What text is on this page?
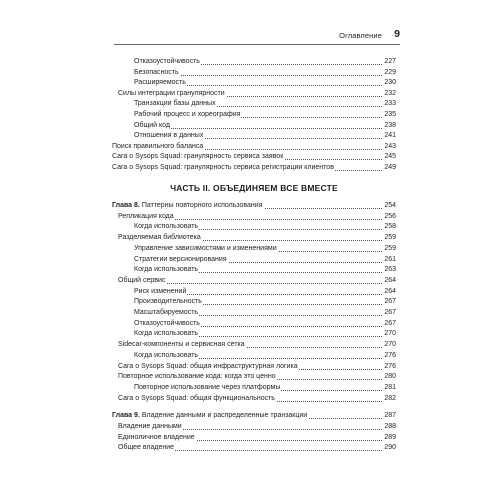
Оглавление 9
Отказоустойчивость	227
Безопасность	229
Расширяемость	230
Силы интеграции гранулярности	232
Транзакции базы данных	233
Рабочий процесс и хореография	235
Общий код	238
Отношения в данных	241
Поиск правильного баланса	243
Сага о Sysops Squad: гранулярность сервиса заявок	245
Сага о Sysops Squad: гранулярность сервиса регистрации клиентов	249
ЧАСТЬ II. ОБЪЕДИНЯЕМ ВСЕ ВМЕСТЕ
Глава 8. Паттерны повторного использования	254
Репликация кода	256
Когда использовать	258
Разделяемая библиотека	259
Управление зависимостями и изменениями	259
Стратегии версионирования	261
Когда использовать	263
Общий сервис	264
Риск изменений	264
Производительность	267
Масштабируемость	267
Отказоустойчивость	267
Когда использовать	270
Sidecar-компоненты и сервисная сетка	270
Когда использовать	276
Сага о Sysops Squad: общая инфраструктурная логика	276
Повторное использование кода: когда это ценно	280
Повторное использование через платформы	281
Сага о Sysops Squad: общая функциональность	282
Глава 9. Владение данными и распределенные транзакции	287
Владение данными	288
Единоличное владение	289
Общее владение	290
